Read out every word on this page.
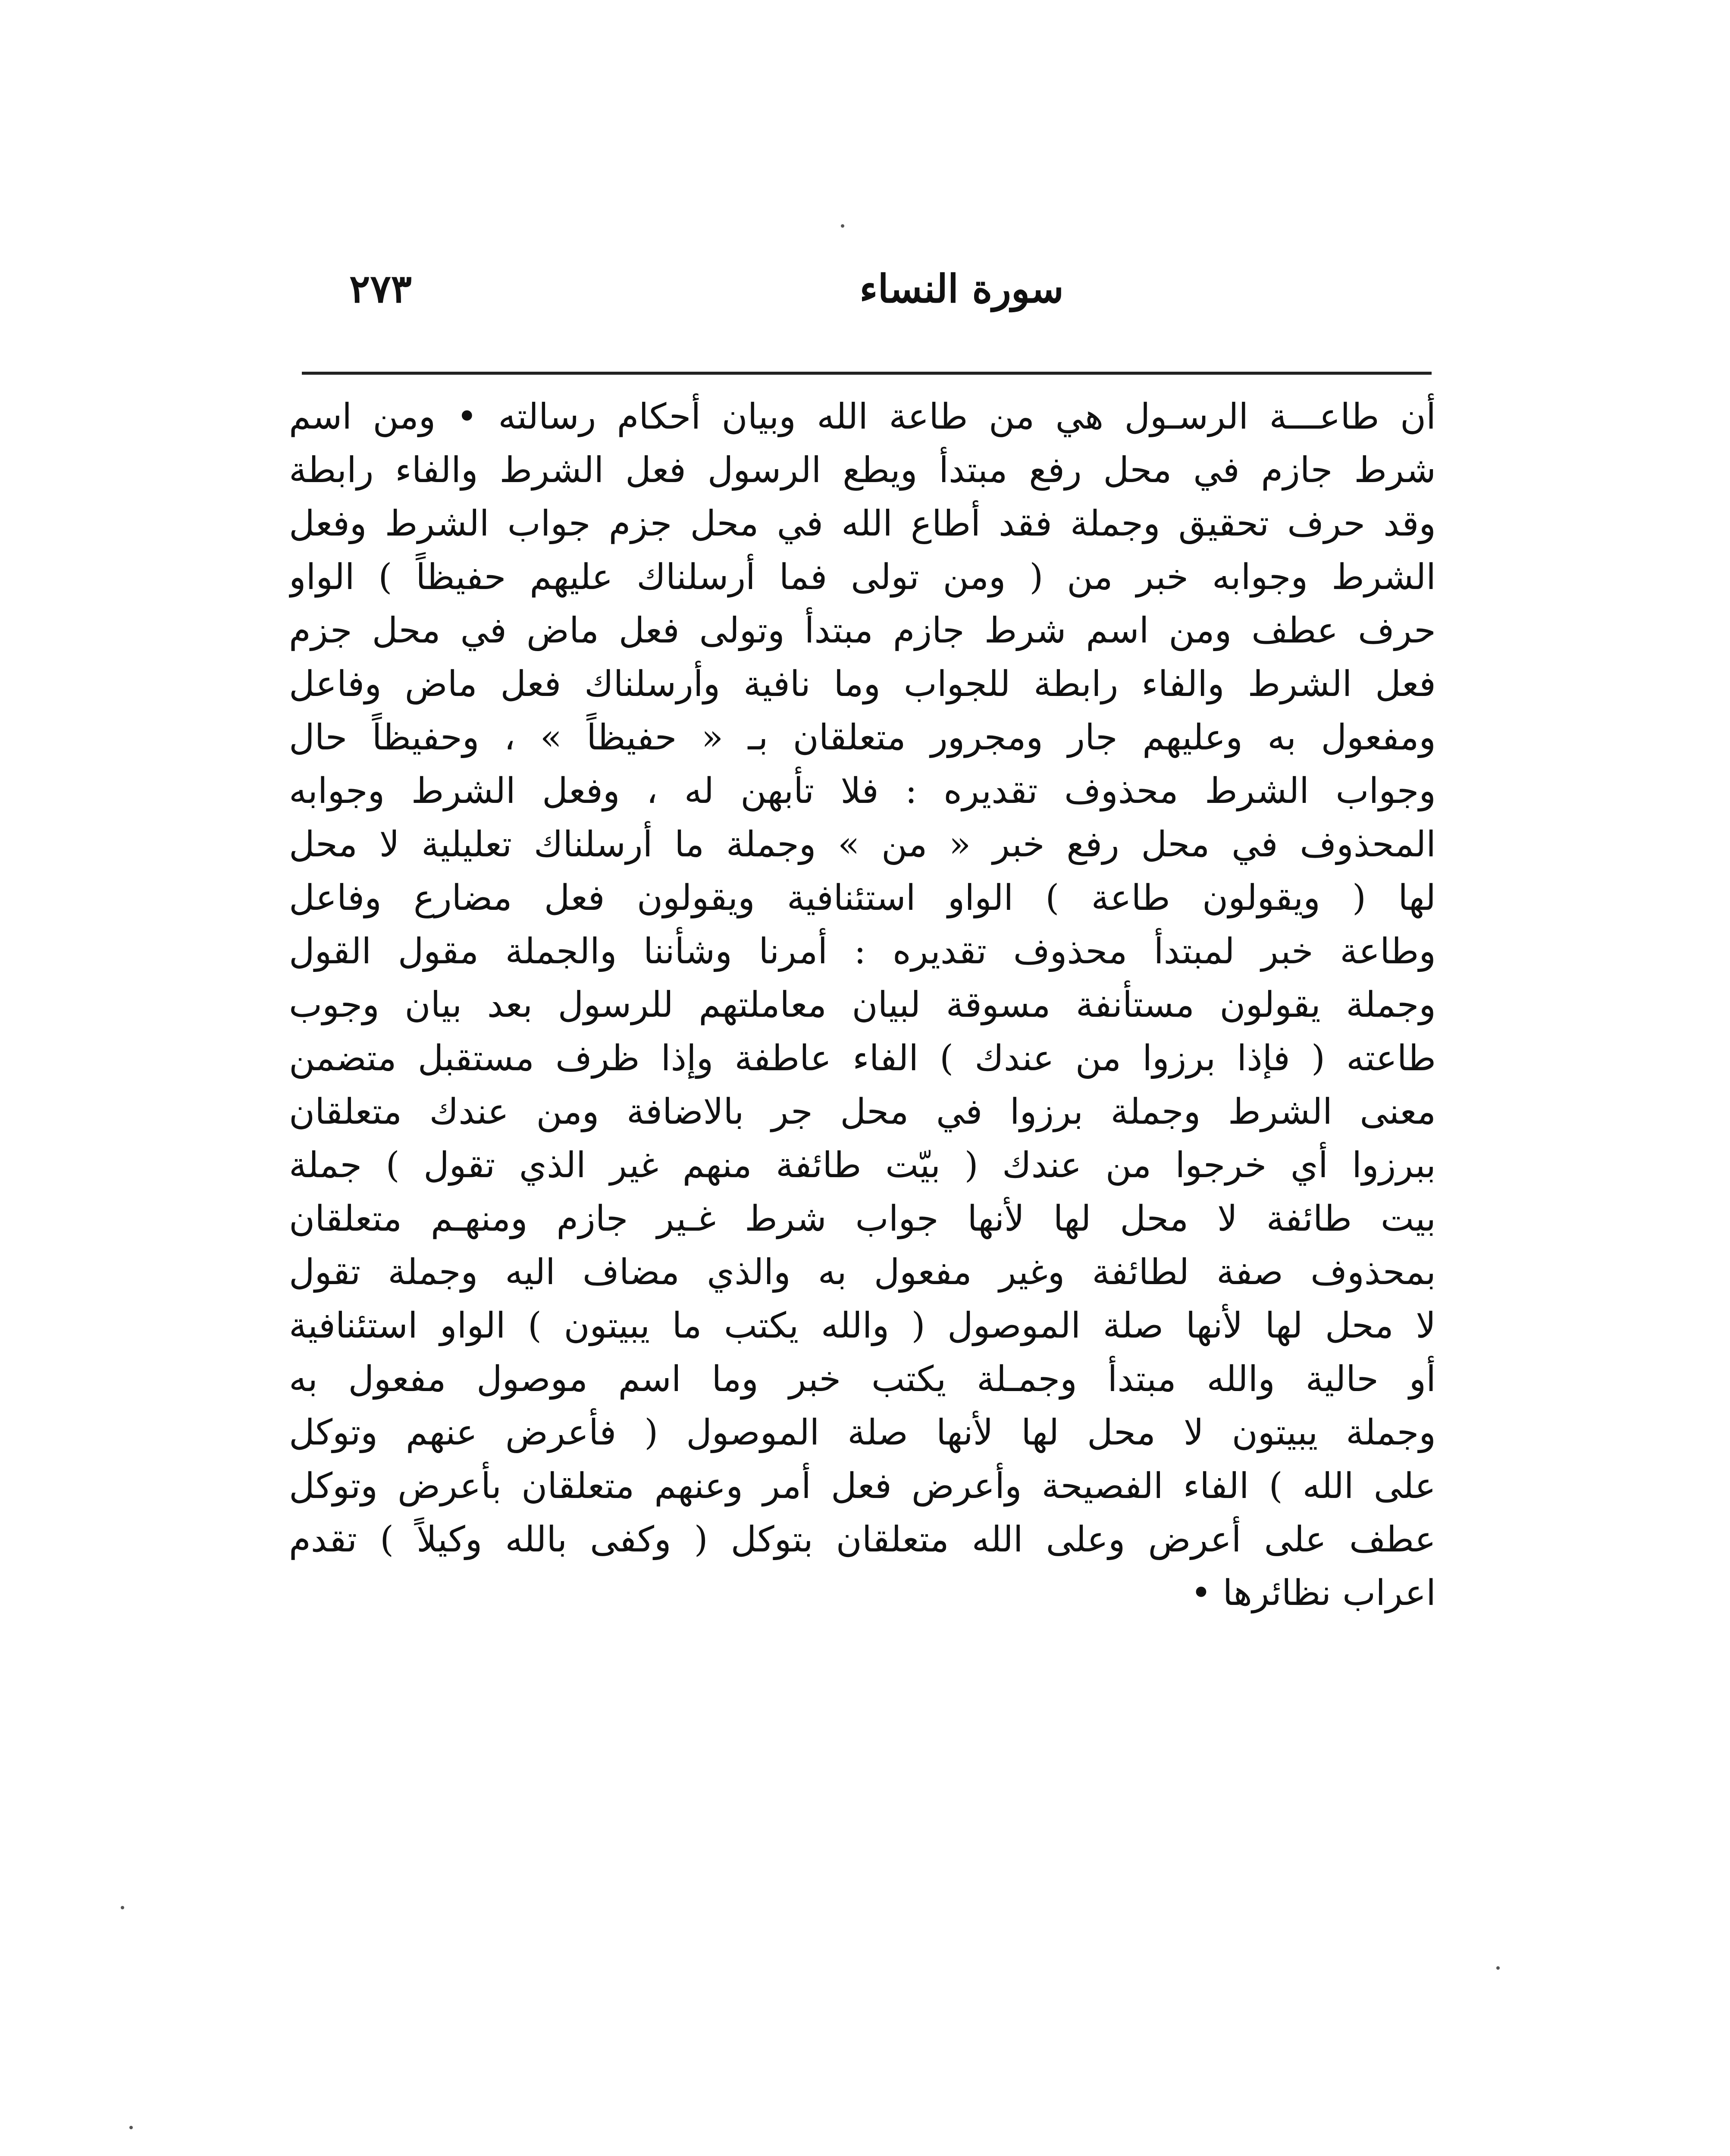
٢٧٣	سورة النساء
أن طاعـــة الرسـول هي من طاعة الله وبيان أحكام رسالته • ومن اسم
شرط جازم في محل رفع مبتدأ ويطع الرسول فعل الشرط والفاء رابطة
وقد حرف تحقيق وجملة فقد أطاع الله في محل جزم جواب الشرط وفعل
الشرط وجوابه خبر من ( ومن تولى فما أرسلناك عليهم حفيظاً ) الواو
حرف عطف ومن اسم شرط جازم مبتدأ وتولى فعل ماض في محل جزم
فعل الشرط والفاء رابطة للجواب وما نافية وأرسلناك فعل ماض وفاعل
ومفعول به وعليهم جار ومجرور متعلقان بـ « حفيظاً » ، وحفيظاً حال
وجواب الشرط محذوف تقديره : فلا تأبهن له ، وفعل الشرط وجوابه
المحذوف في محل رفع خبر « من » وجملة ما أرسلناك تعليلية لا محل
لها ( ويقولون طاعة ) الواو استئنافية ويقولون فعل مضارع وفاعل
وطاعة خبر لمبتدأ محذوف تقديره : أمرنا وشأننا والجملة مقول القول
وجملة يقولون مستأنفة مسوقة لبيان معاملتهم للرسول بعد بيان وجوب
طاعته ( فإذا برزوا من عندك ) الفاء عاطفة وإذا ظرف مستقبل متضمن
معنى الشرط وجملة برزوا في محل جر بالاضافة ومن عندك متعلقان
ببرزوا أي خرجوا من عندك ( بيّت طائفة منهم غير الذي تقول ) جملة
بيت طائفة لا محل لها لأنها جواب شرط غـير جازم ومنهـم متعلقان
بمحذوف صفة لطائفة وغير مفعول به والذي مضاف اليه وجملة تقول
لا محل لها لأنها صلة الموصول ( والله يكتب ما يبيتون ) الواو استئنافية
أو حالية والله مبتدأ وجمـلة يكتب خبر وما اسم موصول مفعول به
وجملة يبيتون لا محل لها لأنها صلة الموصول ( فأعرض عنهم وتوكل
على الله ) الفاء الفصيحة وأعرض فعل أمر وعنهم متعلقان بأعرض وتوكل
عطف على أعرض وعلى الله متعلقان بتوكل ( وكفى بالله وكيلاً ) تقدم
اعراب نظائرها •
